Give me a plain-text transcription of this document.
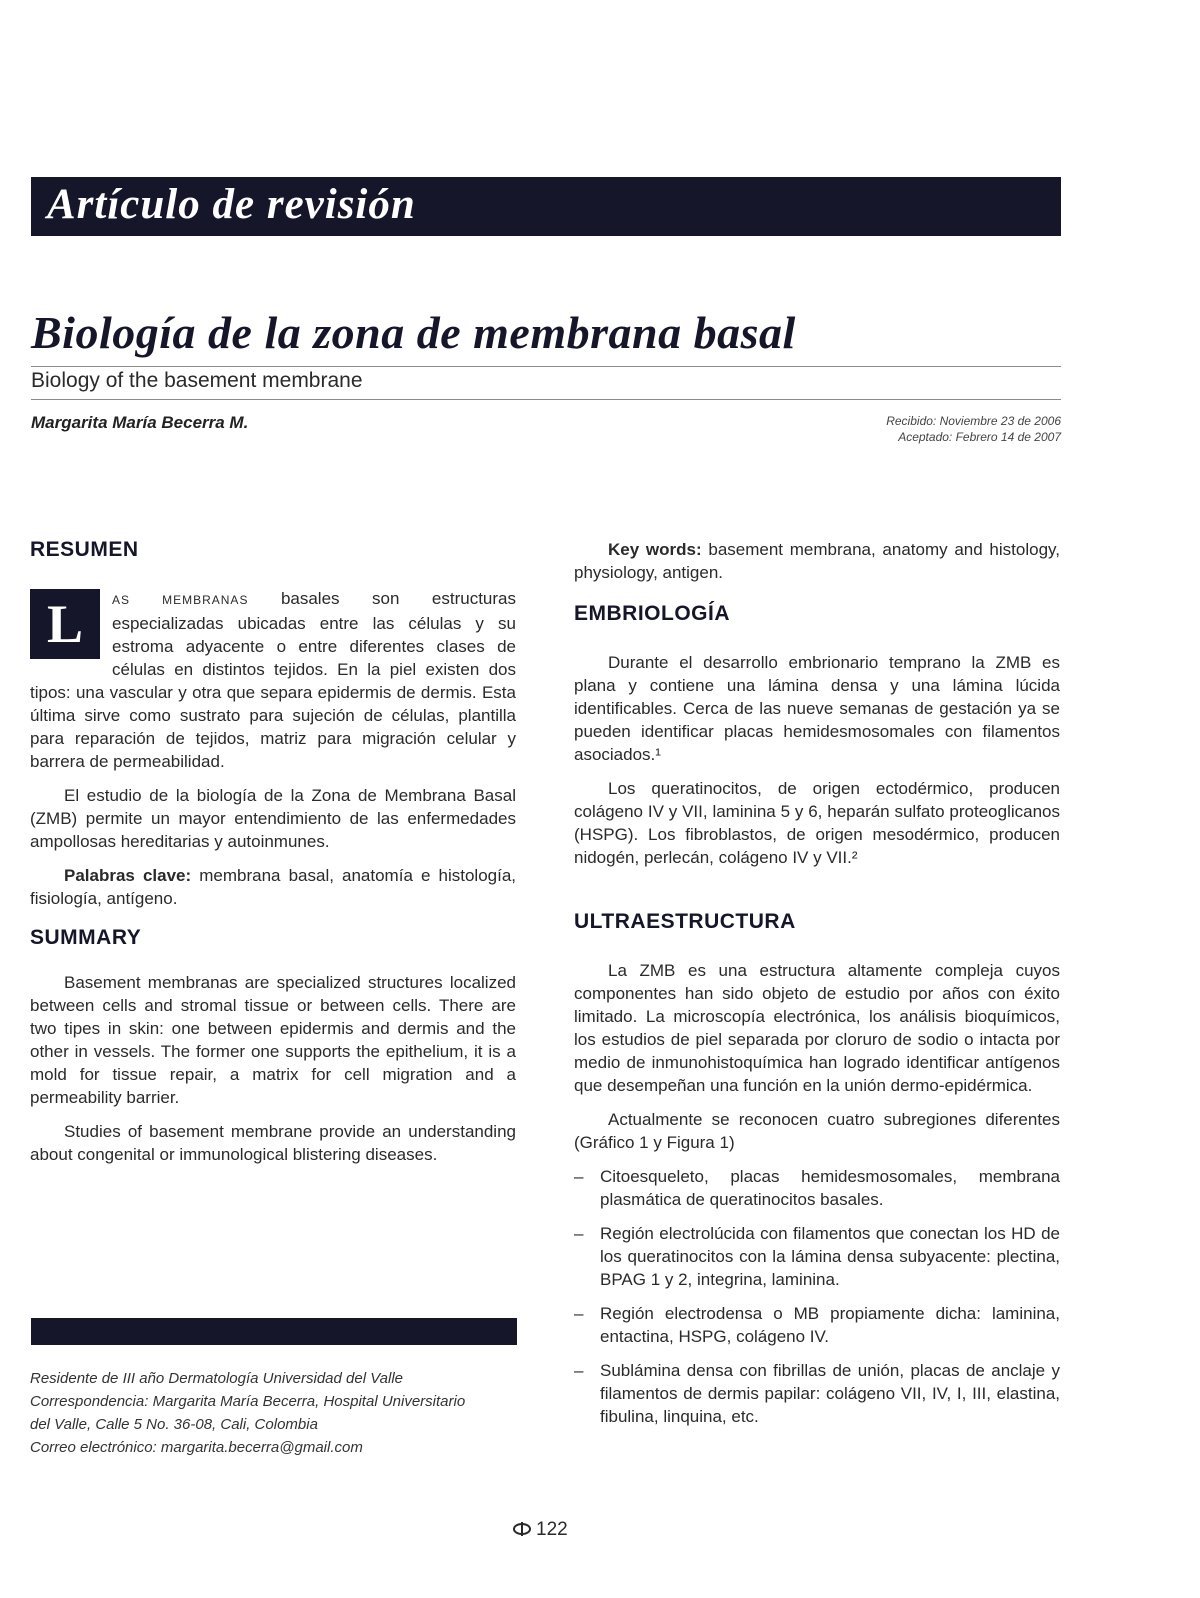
Artículo de revisión
Biología de la zona de membrana basal
Biology of the basement membrane
Margarita María Becerra M.	Recibido: Noviembre 23 de 2006
Aceptado: Febrero 14 de 2007
RESUMEN
L	AS MEMBRANAS basales son estructuras especializadas ubicadas entre las células y su estroma adyacente o entre diferentes clases de células en distintos tejidos. En la piel existen dos tipos: una vascular y otra que separa epidermis de dermis. Esta última sirve como sustrato para sujeción de células, plantilla para reparación de tejidos, matriz para migración celular y barrera de permeabilidad.

El estudio de la biología de la Zona de Membrana Basal (ZMB) permite un mayor entendimiento de las enfermedades ampollosas hereditarias y autoinmunes.

Palabras clave: membrana basal, anatomía e histología, fisiología, antígeno.

SUMMARY

Basement membranas are specialized structures localized between cells and stromal tissue or between cells. There are two tipes in skin: one between epidermis and dermis and the other in vessels. The former one supports the epithelium, it is a mold for tissue repair, a matrix for cell migration and a permeability barrier.

Studies of basement membrane provide an understanding about congenital or immunological blistering diseases.

Key words: basement membrana, anatomy and histology, physiology, antigen.

EMBRIOLOGÍA

Durante el desarrollo embrionario temprano la ZMB es plana y contiene una lámina densa y una lámina lúcida identificables. Cerca de las nueve semanas de gestación ya se pueden identificar placas hemidesmosomales con filamentos asociados.¹

Los queratinocitos, de origen ectodérmico, producen colágeno IV y VII, laminina 5 y 6, heparán sulfato proteoglicanos (HSPG). Los fibroblastos, de origen mesodérmico, producen nidogén, perlecán, colágeno IV y VII.²

ULTRAESTRUCTURA

La ZMB es una estructura altamente compleja cuyos componentes han sido objeto de estudio por años con éxito limitado. La microscopía electrónica, los análisis bioquímicos, los estudios de piel separada por cloruro de sodio o intacta por medio de inmunohistoquímica han logrado identificar antígenos que desempeñan una función en la unión dermo-epidérmica.

Actualmente se reconocen cuatro subregiones diferentes (Gráfico 1 y Figura 1)

– Citoesqueleto, placas hemidesmosomales, membrana plasmática de queratinocitos basales.
– Región electrolúcida con filamentos que conectan los HD de los queratinocitos con la lámina densa subyacente: plectina, BPAG 1 y 2, integrina, laminina.
– Región electrodensa o MB propiamente dicha: laminina, entactina, HSPG, colágeno IV.
– Sublámina densa con fibrillas de unión, placas de anclaje y filamentos de dermis papilar: colágeno VII, IV, I, III, elastina, fibulina, linquina, etc.
Residente de III año Dermatología Universidad del Valle
Correspondencia: Margarita María Becerra, Hospital Universitario
del Valle, Calle 5 No. 36-08, Cali, Colombia
Correo electrónico: margarita.becerra@gmail.com
122
